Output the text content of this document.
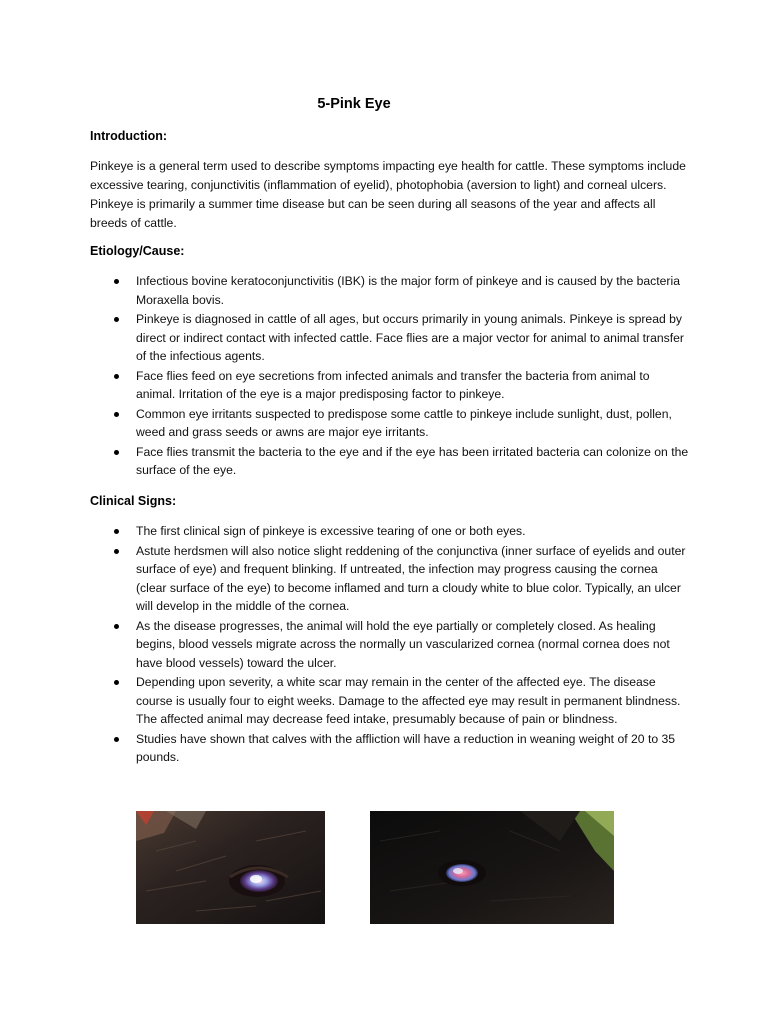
5-Pink Eye
Introduction:

Pinkeye is a general term used to describe symptoms impacting eye health for cattle. These symptoms include excessive tearing, conjunctivitis (inflammation of eyelid), photophobia (aversion to light) and corneal ulcers. Pinkeye is primarily a summer time disease but can be seen during all seasons of the year and affects all breeds of cattle.

Etiology/Cause:
Infectious bovine keratoconjunctivitis (IBK) is the major form of pinkeye and is caused by the bacteria Moraxella bovis.
Pinkeye is diagnosed in cattle of all ages, but occurs primarily in young animals. Pinkeye is spread by direct or indirect contact with infected cattle. Face flies are a major vector for animal to animal transfer of the infectious agents.
Face flies feed on eye secretions from infected animals and transfer the bacteria from animal to animal. Irritation of the eye is a major predisposing factor to pinkeye.
Common eye irritants suspected to predispose some cattle to pinkeye include sunlight, dust, pollen, weed and grass seeds or awns are major eye irritants.
Face flies transmit the bacteria to the eye and if the eye has been irritated bacteria can colonize on the surface of the eye.
Clinical Signs:
The first clinical sign of pinkeye is excessive tearing of one or both eyes.
Astute herdsmen will also notice slight reddening of the conjunctiva (inner surface of eyelids and outer surface of eye) and frequent blinking. If untreated, the infection may progress causing the cornea (clear surface of the eye) to become inflamed and turn a cloudy white to blue color. Typically, an ulcer will develop in the middle of the cornea.
As the disease progresses, the animal will hold the eye partially or completely closed. As healing begins, blood vessels migrate across the normally un vascularized cornea (normal cornea does not have blood vessels) toward the ulcer.
Depending upon severity, a white scar may remain in the center of the affected eye. The disease course is usually four to eight weeks. Damage to the affected eye may result in permanent blindness. The affected animal may decrease feed intake, presumably because of pain or blindness.
Studies have shown that calves with the affliction will have a reduction in weaning weight of 20 to 35 pounds.
